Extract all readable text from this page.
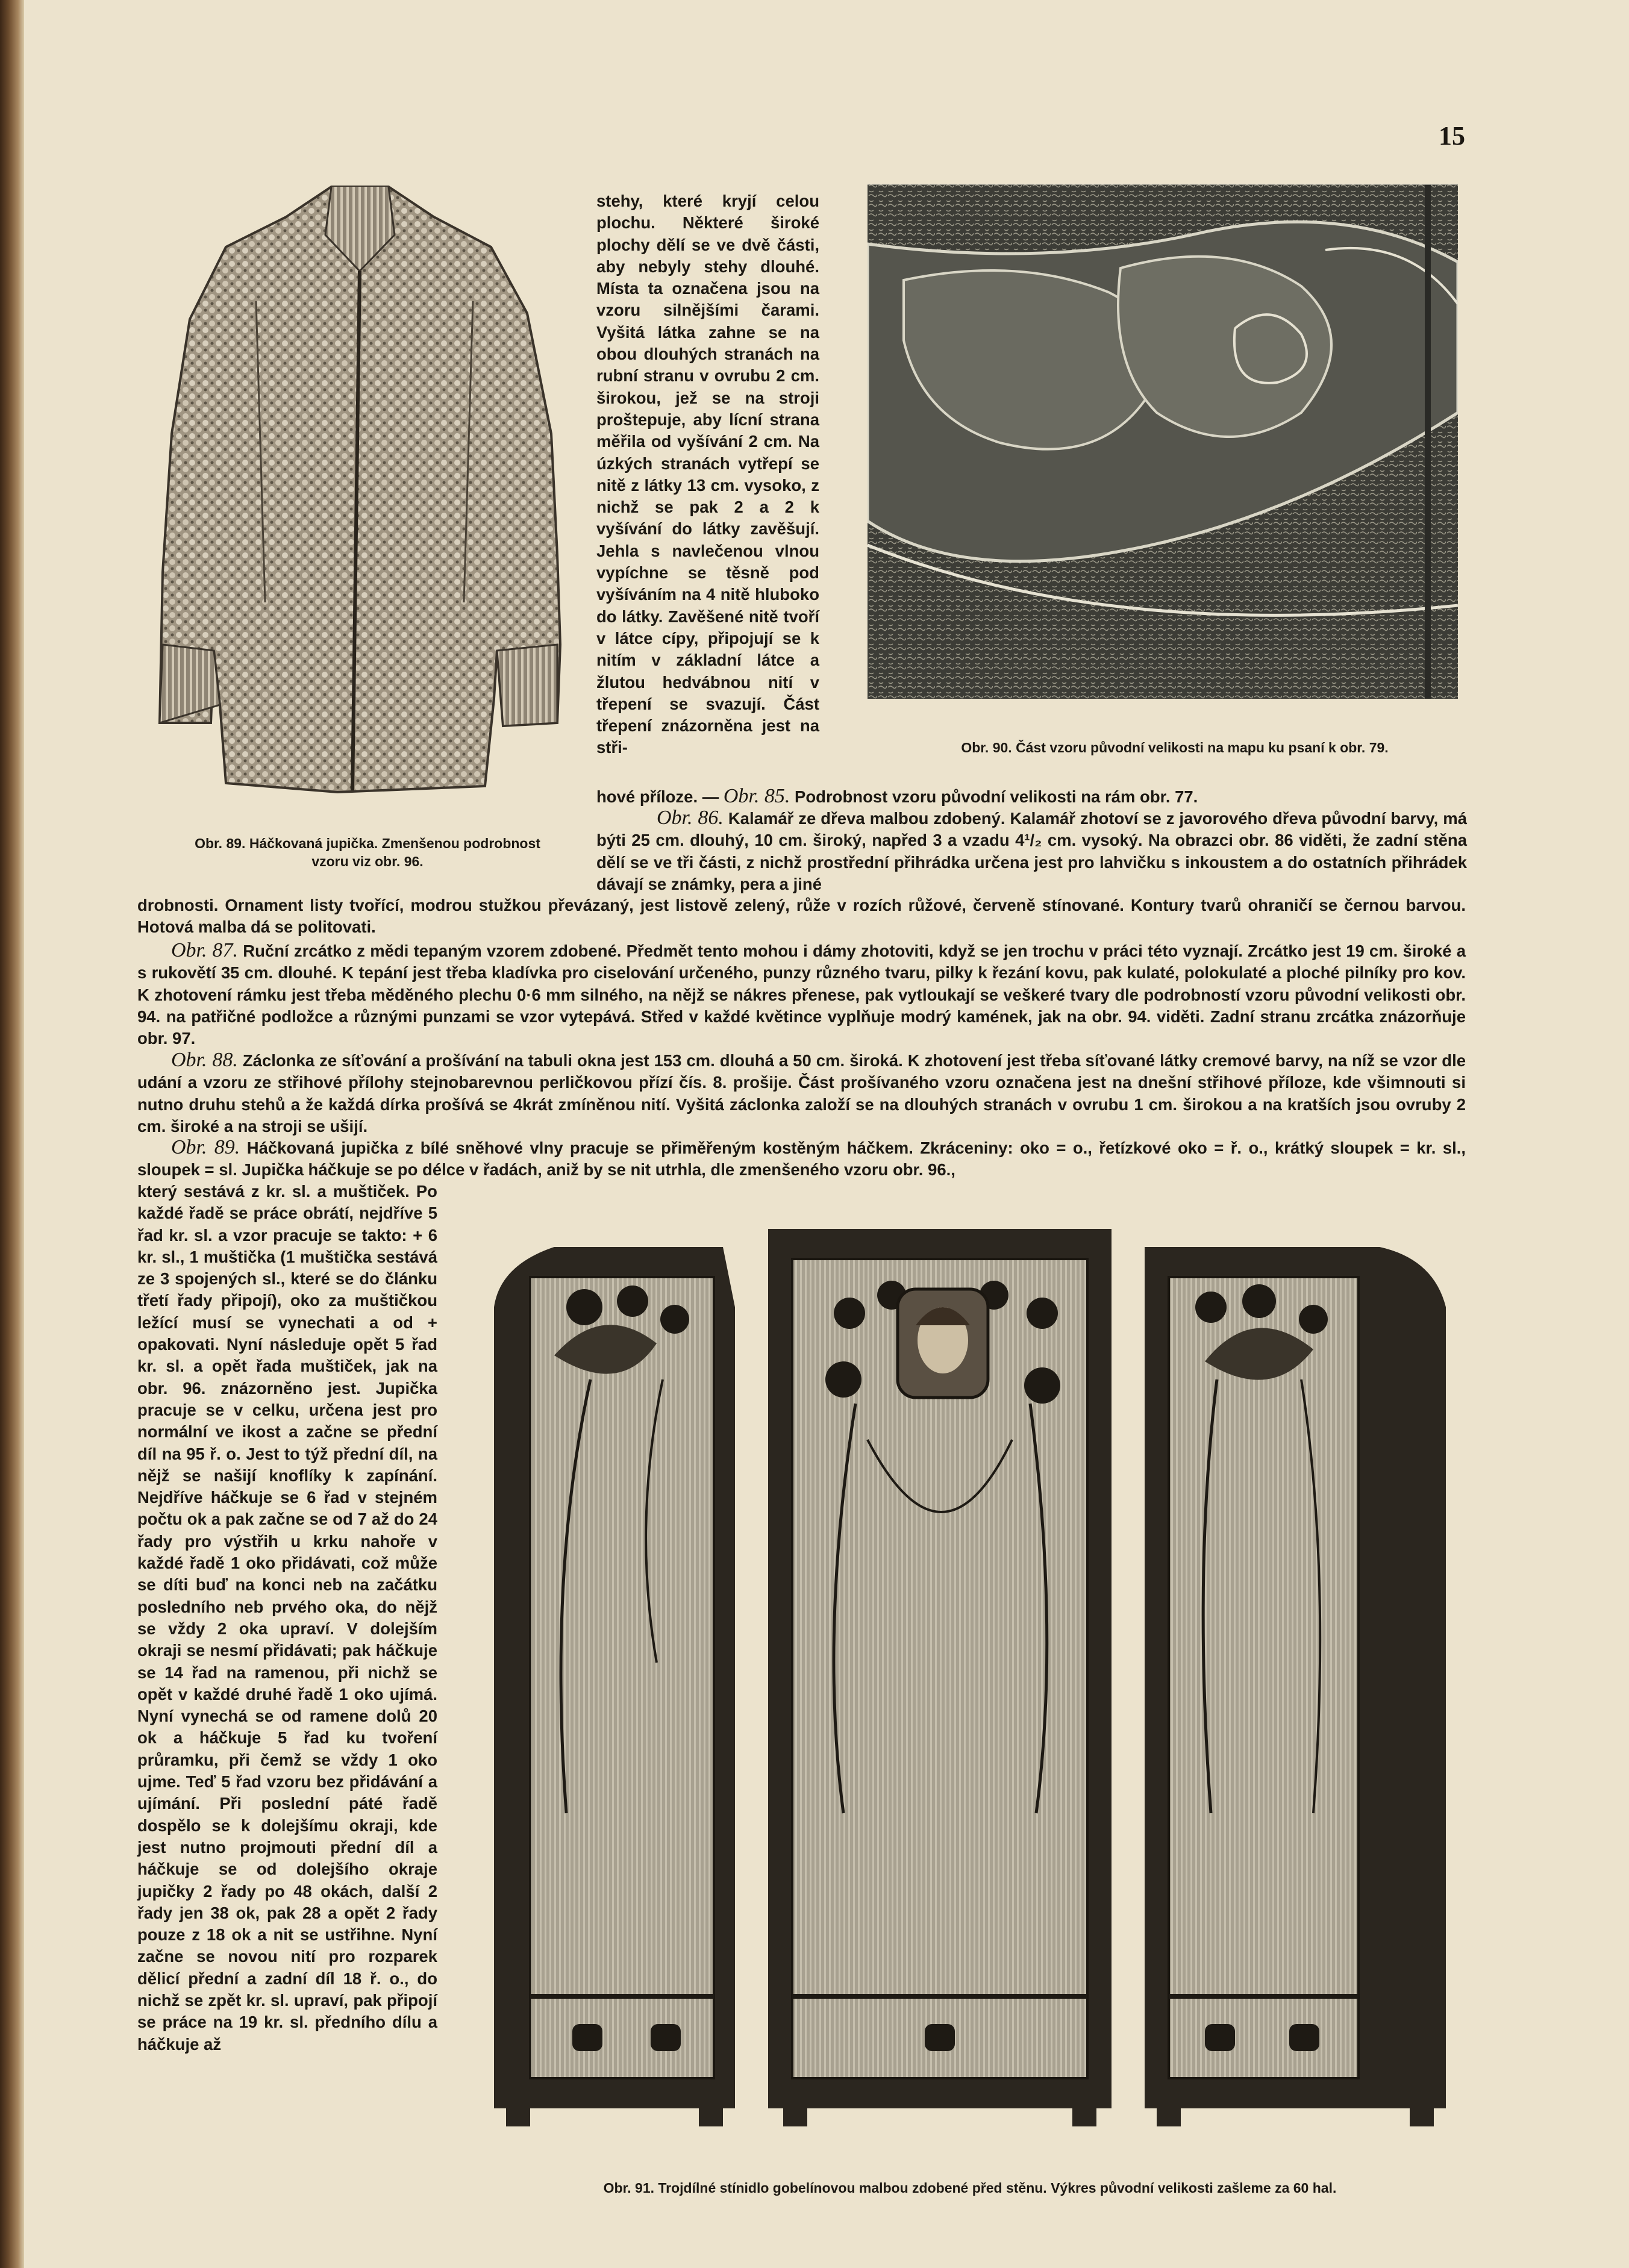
15
Obr. 89. Háčkovaná jupička. Zmenšenou podrobnost
vzoru viz obr. 96.
Obr. 90. Část vzoru původní velikosti na mapu ku psaní k obr. 79.

stehy, které kryjí celou plochu. Některé široké plochy dělí se ve dvě části, aby nebyly stehy dlouhé. Místa ta označena jsou na vzoru silnějšími čarami. Vyšitá látka zahne se na obou dlouhých stranách na rubní stranu v ovrubu 2 cm. širokou, jež se na stroji proštepuje, aby lícní strana měřila od vyšívání 2 cm. Na úzkých stranách vytřepí se nitě z látky 13 cm. vysoko, z nichž se pak 2 a 2 k vyšívání do látky zavěšují. Jehla s navlečenou vlnou vypíchne se těsně pod vyšíváním na 4 nitě hluboko do látky. Zavěšené nitě tvoří v látce cípy, připojují se k nitím v základní látce a žlutou hedvábnou nití v třepení se svazují. Část třepení znázorněna jest na stři-

hové příloze. — Obr. 85. Podrobnost vzoru původní velikosti na rám obr. 77.

Obr. 86. Kalamář ze dřeva malbou zdobený. Kalamář zhotoví se z javorového dřeva původní barvy, má býti 25 cm. dlouhý, 10 cm. široký, napřed 3 a vzadu 4¹/₂ cm. vysoký. Na obrazci obr. 86 viděti, že zadní stěna dělí se ve tři části, z nichž prostřední přihrádka určena jest pro lahvičku s inkoustem a do ostatních přihrádek dávají se známky, pera a jiné

drobnosti. Ornament listy tvořící, modrou stužkou převázaný, jest listově zelený, růže v rozích růžové, červeně stínované. Kontury tvarů ohraničí se černou barvou. Hotová malba dá se politovati.

Obr. 87. Ruční zrcátko z mědi tepaným vzorem zdobené. Předmět tento mohou i dámy zhotoviti, když se jen trochu v práci této vyznají. Zrcátko jest 19 cm. široké a s rukovětí 35 cm. dlouhé. K tepání jest třeba kladívka pro ciselování určeného, punzy různého tvaru, pilky k řezání kovu, pak kulaté, polokulaté a ploché pilníky pro kov. K zhotovení rámku jest třeba měděného plechu 0·6 mm silného, na nějž se nákres přenese, pak vytloukají se veškeré tvary dle podrobností vzoru původní velikosti obr. 94. na patřičné podložce a různými punzami se vzor vytepává. Střed v každé květince vyplňuje modrý kamének, jak na obr. 94. viděti. Zadní stranu zrcátka znázorňuje obr. 97.

Obr. 88. Záclonka ze síťování a prošívání na tabuli okna jest 153 cm. dlouhá a 50 cm. široká. K zhotovení jest třeba síťované látky cremové barvy, na níž se vzor dle udání a vzoru ze střihové přílohy stejnobarevnou perličkovou přízí čís. 8. prošije. Část prošívaného vzoru označena jest na dnešní střihové příloze, kde všimnouti si nutno druhu stehů a že každá dírka prošívá se 4krát zmíněnou nití. Vyšitá záclonka založí se na dlouhých stranách v ovrubu 1 cm. širokou a na kratších jsou ovruby 2 cm. široké a na stroji se ušijí.

Obr. 89. Háčkovaná jupička z bílé sněhové vlny pracuje se přiměřeným kostěným háčkem. Zkráceniny: oko = o., řetízkové oko = ř. o., krátký sloupek = kr. sl., sloupek = sl. Jupička háčkuje se po délce v řadách, aniž by se nit utrhla, dle zmenšeného vzoru obr. 96.,

který sestává z kr. sl. a muštiček. Po každé řadě se práce obrátí, nejdříve 5 řad kr. sl. a vzor pracuje se takto: + 6 kr. sl., 1 muštička (1 muštička sestává ze 3 spojených sl., které se do článku třetí řady připojí), oko za muštičkou ležící musí se vynechati a od + opakovati. Nyní následuje opět 5 řad kr. sl. a opět řada muštiček, jak na obr. 96. znázorněno jest. Jupička pracuje se v celku, určena jest pro normální ve ikost a začne se přední díl na 95 ř. o. Jest to týž přední díl, na nějž se našijí knoflíky k zapínání. Nejdříve háčkuje se 6 řad v stejném počtu ok a pak začne se od 7 až do 24 řady pro výstřih u krku nahoře v každé řadě 1 oko přidávati, což může se díti buď na konci neb na začátku posledního neb prvého oka, do nějž se vždy 2 oka upraví. V dolejším okraji se nesmí přidávati; pak háčkuje se 14 řad na ramenou, při nichž se opět v každé druhé řadě 1 oko ujímá. Nyní vynechá se od ramene dolů 20 ok a háčkuje 5 řad ku tvoření průramku, při čemž se vždy 1 oko ujme. Teď 5 řad vzoru bez přidávání a ujímání. Při poslední páté řadě dospělo se k dolejšímu okraji, kde jest nutno projmouti přední díl a háčkuje se od dolejšího okraje jupičky 2 řady po 48 okách, další 2 řady jen 38 ok, pak 28 a opět 2 řady pouze z 18 ok a nit se ustřihne. Nyní začne se novou nití pro rozparek dělicí přední a zadní díl 18 ř. o., do nichž se zpět kr. sl. upraví, pak připojí se práce na 19 kr. sl. předního dílu a háčkuje až

Obr. 91. Trojdílné stínidlo gobelínovou malbou zdobené před stěnu. Výkres původní velikosti zašleme za 60 hal.
